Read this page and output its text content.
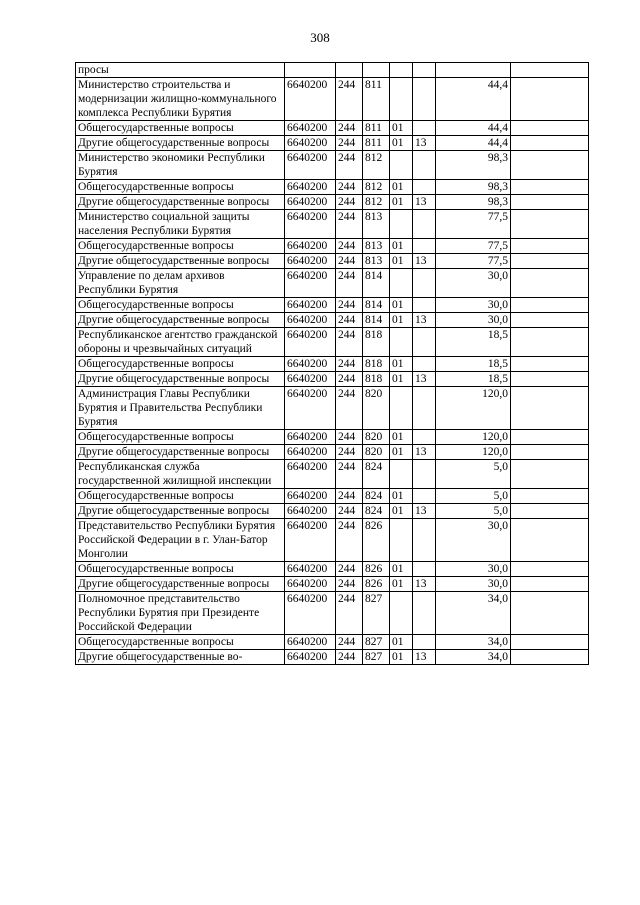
308
просы							
Министерство строительства и модернизации жилищно-коммунального комплекса Республики Бурятия	6640200	244	811			44,4	
Общегосударственные вопросы	6640200	244	811	01		44,4	
Другие общегосударственные вопросы	6640200	244	811	01	13	44,4	
Министерство экономики Республики Бурятия	6640200	244	812			98,3	
Общегосударственные вопросы	6640200	244	812	01		98,3	
Другие общегосударственные вопросы	6640200	244	812	01	13	98,3	
Министерство социальной защиты населения Республики Бурятия	6640200	244	813			77,5	
Общегосударственные вопросы	6640200	244	813	01		77,5	
Другие общегосударственные вопросы	6640200	244	813	01	13	77,5	
Управление по делам архивов Республики Бурятия	6640200	244	814			30,0	
Общегосударственные вопросы	6640200	244	814	01		30,0	
Другие общегосударственные вопросы	6640200	244	814	01	13	30,0	
Республиканское агентство гражданской обороны и чрезвычайных ситуаций	6640200	244	818			18,5	
Общегосударственные вопросы	6640200	244	818	01		18,5	
Другие общегосударственные вопросы	6640200	244	818	01	13	18,5	
Администрация Главы Республики Бурятия и Правительства Республики Бурятия	6640200	244	820			120,0	
Общегосударственные вопросы	6640200	244	820	01		120,0	
Другие общегосударственные вопросы	6640200	244	820	01	13	120,0	
Республиканская служба государственной жилищной инспекции	6640200	244	824			5,0	
Общегосударственные вопросы	6640200	244	824	01		5,0	
Другие общегосударственные вопросы	6640200	244	824	01	13	5,0	
Представительство Республики Бурятия Российской Федерации в г. Улан-Батор Монголии	6640200	244	826			30,0	
Общегосударственные вопросы	6640200	244	826	01		30,0	
Другие общегосударственные вопросы	6640200	244	826	01	13	30,0	
Полномочное представительство Республики Бурятия при Президенте Российской Федерации	6640200	244	827			34,0	
Общегосударственные вопросы	6640200	244	827	01		34,0	
Другие общегосударственные во-	6640200	244	827	01	13	34,0	
